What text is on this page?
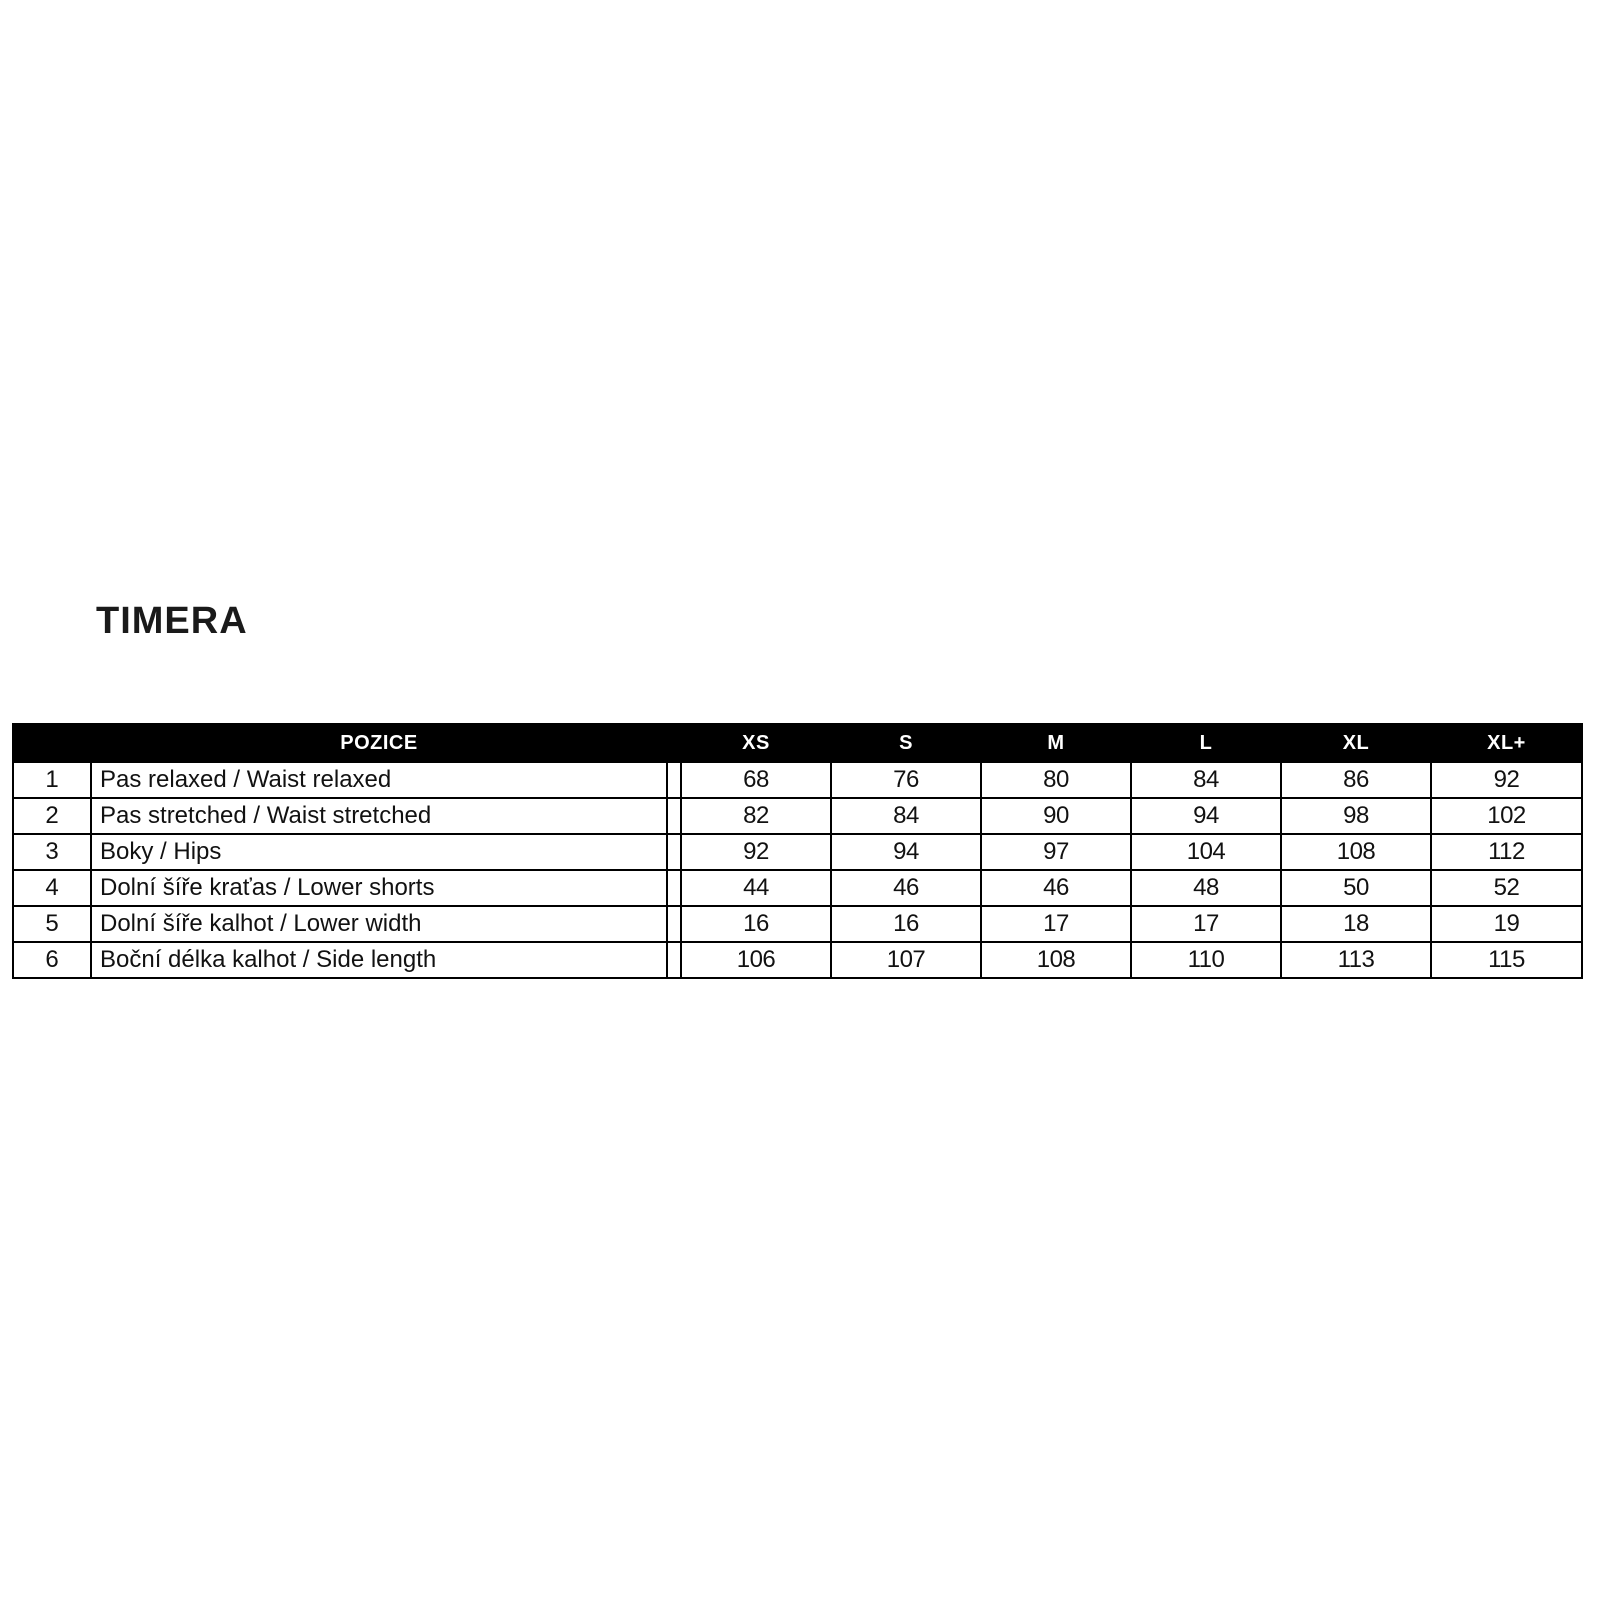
TIMERA
	POZICE		XS	S	M	L	XL	XL+
1	Pas relaxed / Waist relaxed		68	76	80	84	86	92
2	Pas stretched / Waist stretched		82	84	90	94	98	102
3	Boky / Hips		92	94	97	104	108	112
4	Dolní šíře kraťas / Lower shorts		44	46	46	48	50	52
5	Dolní šíře kalhot / Lower width		16	16	17	17	18	19
6	Boční délka kalhot / Side length		106	107	108	110	113	115
